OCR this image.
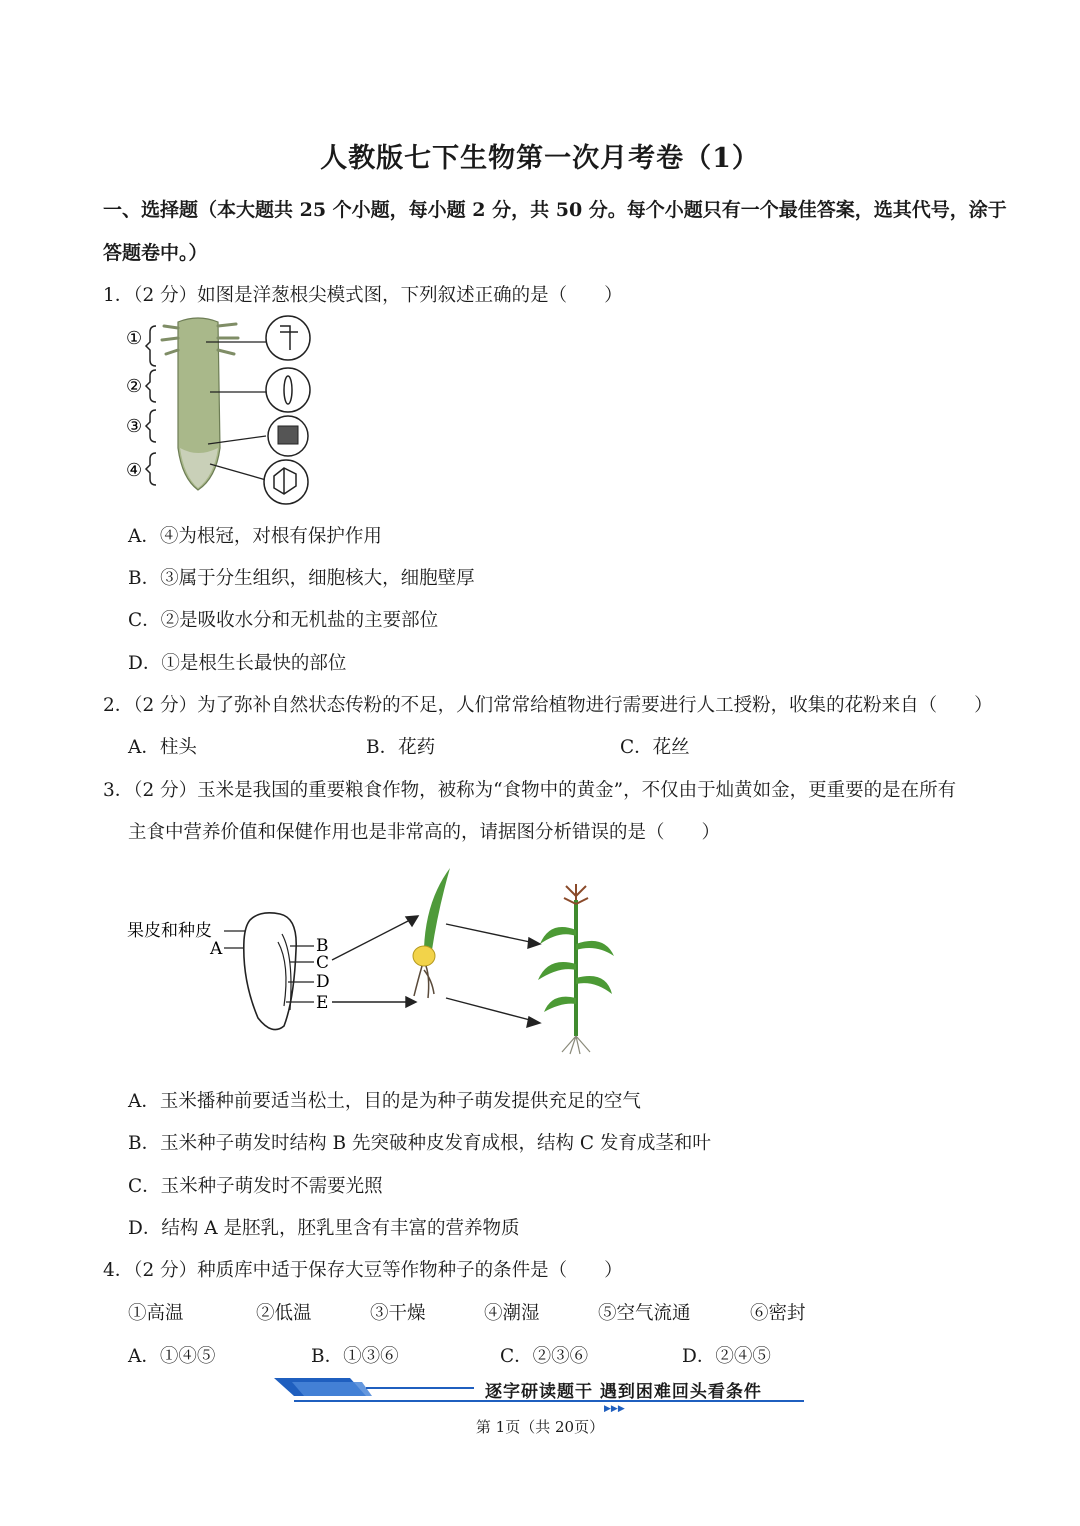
人教版七下生物第一次月考卷（1）
一、选择题（本大题共 25 个小题，每小题 2 分，共 50 分。每个小题只有一个最佳答案，选其代号，涂于
答题卷中。）
1．（2 分）如图是洋葱根尖模式图，下列叙述正确的是（　　）
①
②
③
④
A．④为根冠，对根有保护作用
B．③属于分生组织，细胞核大，细胞壁厚
C．②是吸收水分和无机盐的主要部位
D．①是根生长最快的部位
2．（2 分）为了弥补自然状态传粉的不足，人们常常给植物进行需要进行人工授粉，收集的花粉来自（　　）
A．柱头	B．花药	C．花丝
3．（2 分）玉米是我国的重要粮食作物，被称为“食物中的黄金”，不仅由于灿黄如金，更重要的是在所有
主食中营养价值和保健作用也是非常高的，请据图分析错误的是（　　）
果皮和种皮
A	B
C
D
E
A．玉米播种前要适当松土，目的是为种子萌发提供充足的空气
B．玉米种子萌发时结构 B 先突破种皮发育成根，结构 C 发育成茎和叶
C．玉米种子萌发时不需要光照
D．结构 A 是胚乳，胚乳里含有丰富的营养物质
4．（2 分）种质库中适于保存大豆等作物种子的条件是（　　）
①高温	②低温	③干燥	④潮湿	⑤空气流通	⑥密封
A．①④⑤	B．①③⑥	C．②③⑥	D．②④⑤
▶▶▶
逐字研读题干 遇到困难回头看条件
第 1页（共 20页）
